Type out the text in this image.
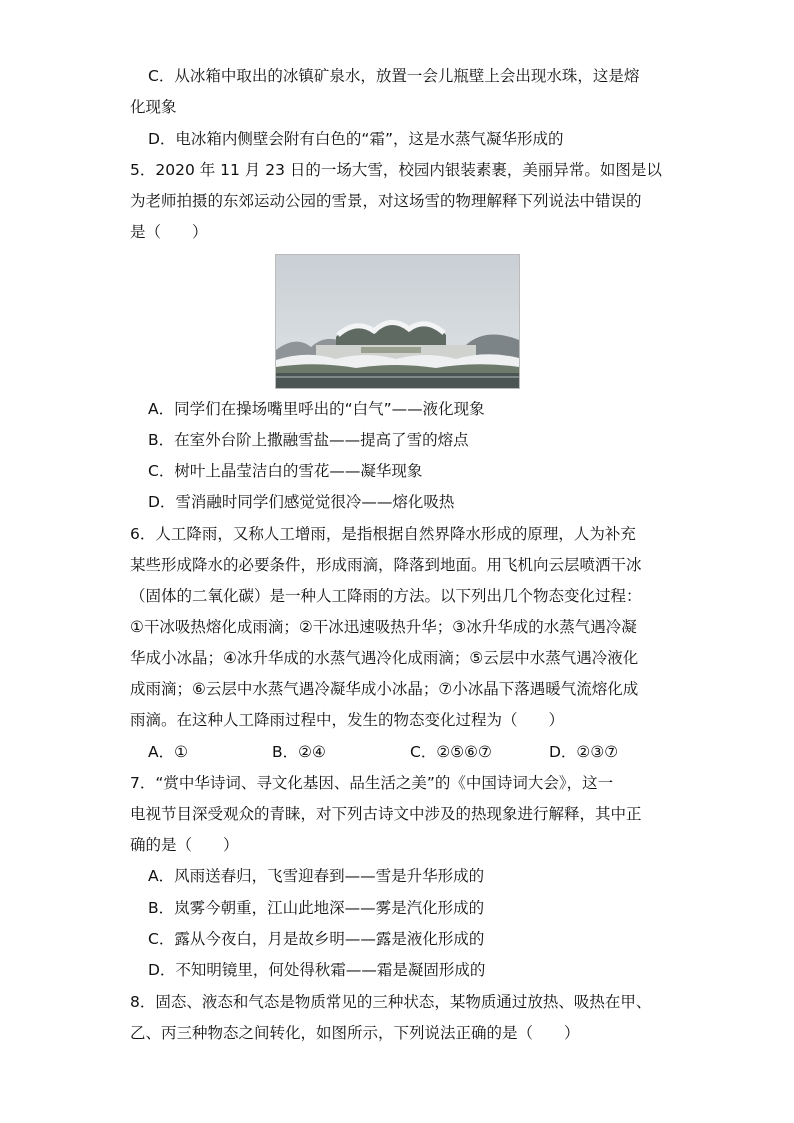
C．从冰箱中取出的冰镇矿泉水，放置一会儿瓶壁上会出现水珠，这是熔
化现象
D．电冰箱内侧壁会附有白色的“霜”，这是水蒸气凝华形成的
5．2020 年 11 月 23 日的一场大雪，校园内银装素裹，美丽异常。如图是以
为老师拍摄的东郊运动公园的雪景，对这场雪的物理解释下列说法中错误的
是（　　）
A．同学们在操场嘴里呼出的“白气”——液化现象
B．在室外台阶上撒融雪盐——提高了雪的熔点
C．树叶上晶莹洁白的雪花——凝华现象
D．雪消融时同学们感觉觉很冷——熔化吸热
6．人工降雨，又称人工增雨，是指根据自然界降水形成的原理，人为补充
某些形成降水的必要条件，形成雨滴，降落到地面。用飞机向云层喷洒干冰
（固体的二氧化碳）是一种人工降雨的方法。以下列出几个物态变化过程：
①干冰吸热熔化成雨滴；②干冰迅速吸热升华；③冰升华成的水蒸气遇冷凝
华成小冰晶；④冰升华成的水蒸气遇冷化成雨滴；⑤云层中水蒸气遇冷液化
成雨滴；⑥云层中水蒸气遇冷凝华成小冰晶；⑦小冰晶下落遇暖气流熔化成
雨滴。在这种人工降雨过程中，发生的物态变化过程为（　　）
A．①	B．②④	C．②⑤⑥⑦	D．②③⑦
7．“赏中华诗词、寻文化基因、品生活之美”的《中国诗词大会》，这一
电视节目深受观众的青睐，对下列古诗文中涉及的热现象进行解释，其中正
确的是（　　）
A．风雨送春归，飞雪迎春到——雪是升华形成的
B．岚雾今朝重，江山此地深——雾是汽化形成的
C．露从今夜白，月是故乡明——露是液化形成的
D．不知明镜里，何处得秋霜——霜是凝固形成的
8．固态、液态和气态是物质常见的三种状态，某物质通过放热、吸热在甲、
乙、丙三种物态之间转化，如图所示，下列说法正确的是（　　）
